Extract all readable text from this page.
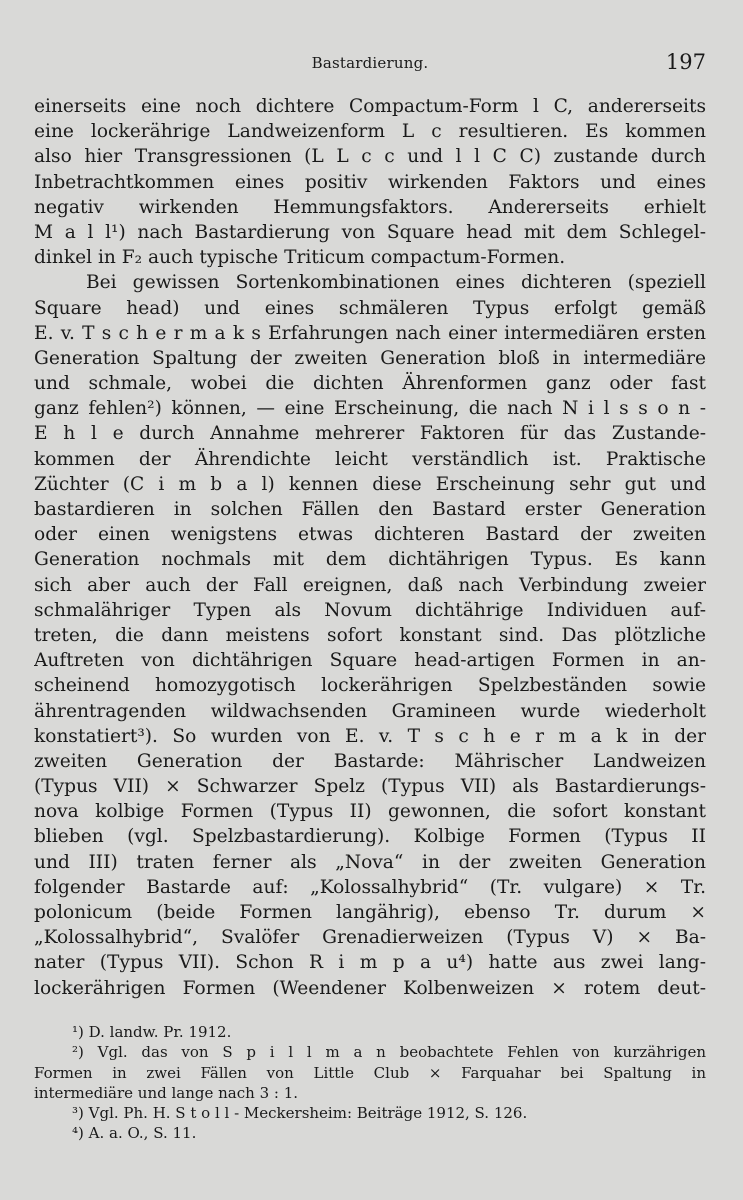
Bastardierung.	197
einerseits eine noch dichtere Compactum-Form l C, andererseits
eine lockerährige Landweizenform L c resultieren. Es kommen
also hier Transgressionen (L L c c und l l C C) zustande durch
Inbetrachtkommen eines positiv wirkenden Faktors und eines
negativ wirkenden Hemmungsfaktors. Andererseits erhielt
M a l l¹) nach Bastardierung von Square head mit dem Schlegel-
dinkel in F₂ auch typische Triticum compactum-Formen.
Bei gewissen Sortenkombinationen eines dichteren (speziell
Square head) und eines schmäleren Typus erfolgt gemäß
E. v. T s c h e r m a k s Erfahrungen nach einer intermediären ersten
Generation Spaltung der zweiten Generation bloß in intermediäre
und schmale, wobei die dichten Ährenformen ganz oder fast
ganz fehlen²) können, — eine Erscheinung, die nach N i l s s o n -
E h l e durch Annahme mehrerer Faktoren für das Zustande-
kommen der Ährendichte leicht verständlich ist. Praktische
Züchter (C i m b a l) kennen diese Erscheinung sehr gut und
bastardieren in solchen Fällen den Bastard erster Generation
oder einen wenigstens etwas dichteren Bastard der zweiten
Generation nochmals mit dem dichtährigen Typus. Es kann
sich aber auch der Fall ereignen, daß nach Verbindung zweier
schmalähriger Typen als Novum dichtährige Individuen auf-
treten, die dann meistens sofort konstant sind. Das plötzliche
Auftreten von dichtährigen Square head-artigen Formen in an-
scheinend homozygotisch lockerährigen Spelzbeständen sowie
ährentragenden wildwachsenden Gramineen wurde wiederholt
konstatiert³). So wurden von E. v. T s c h e r m a k in der
zweiten Generation der Bastarde: Mährischer Landweizen
(Typus VII) × Schwarzer Spelz (Typus VII) als Bastardierungs-
nova kolbige Formen (Typus II) gewonnen, die sofort konstant
blieben (vgl. Spelzbastardierung). Kolbige Formen (Typus II
und III) traten ferner als „Nova“ in der zweiten Generation
folgender Bastarde auf: „Kolossalhybrid“ (Tr. vulgare) × Tr.
polonicum (beide Formen langährig), ebenso Tr. durum ×
„Kolossalhybrid“, Svalöfer Grenadierweizen (Typus V) × Ba-
nater (Typus VII). Schon R i m p a u⁴) hatte aus zwei lang-
lockerährigen Formen (Weendener Kolbenweizen × rotem deut-
¹) D. landw. Pr. 1912.
²) Vgl. das von S p i l l m a n beobachtete Fehlen von kurzährigen
Formen in zwei Fällen von Little Club × Farquahar bei Spaltung in
intermediäre und lange nach 3 : 1.
³) Vgl. Ph. H. S t o l l - Meckersheim: Beiträge 1912, S. 126.
⁴) A. a. O., S. 11.
